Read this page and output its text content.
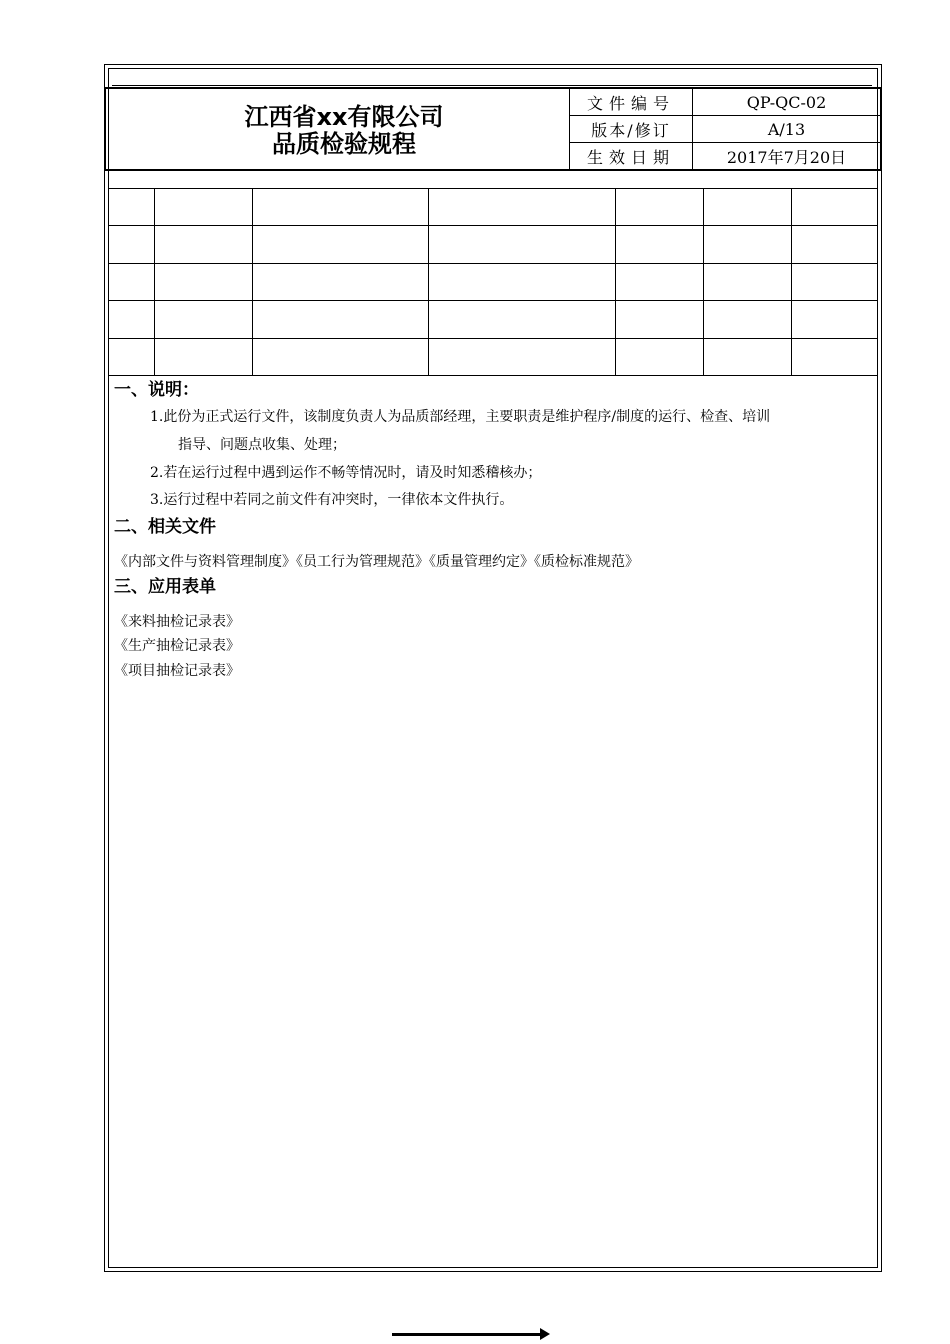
江西省xx有限公司
品质检验规程
文件编号	QP-QC-02
版本/修订	A/13
生效日期	2017年7月20日

一、说明：
1.此份为正式运行文件，该制度负责人为品质部经理，主要职责是维护程序/制度的运行、检查、培训
指导、问题点收集、处理；
2.若在运行过程中遇到运作不畅等情况时，请及时知悉稽核办；
3.运行过程中若同之前文件有冲突时，一律依本文件执行。
二、相关文件
《内部文件与资料管理制度》《员工行为管理规范》《质量管理约定》《质检标准规范》
三、应用表单
《来料抽检记录表》
《生产抽检记录表》
《项目抽检记录表》
